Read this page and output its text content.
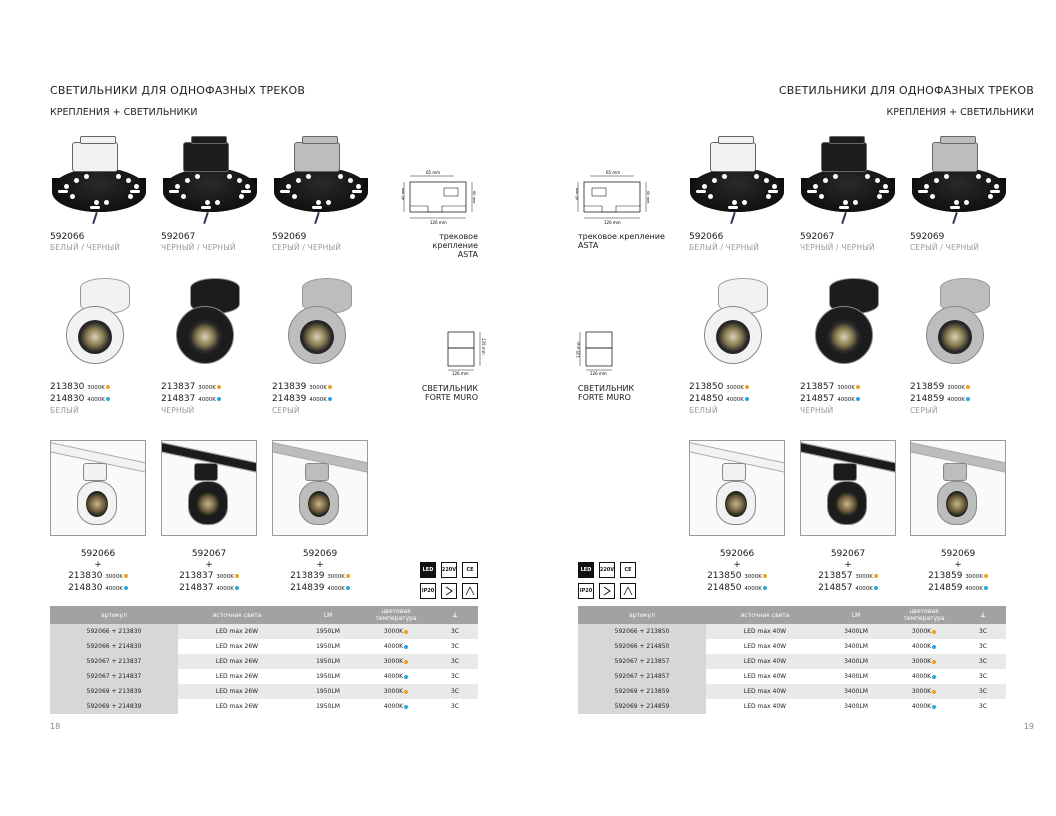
СВЕТИЛЬНИКИ ДЛЯ ОДНОФАЗНЫХ ТРЕКОВ
КРЕПЛЕНИЯ + СВЕТИЛЬНИКИ
592066
БЕЛЫЙ / ЧЕРНЫЙ
592067
ЧЕРНЫЙ / ЧЕРНЫЙ
592069
СЕРЫЙ / ЧЕРНЫЙ
65 mm
40 mm	60 mm
126 mm
трековое крепление
ASTA
213830 3000K
214830 4000K
БЕЛЫЙ
213837 3000K
214837 4000K
ЧЕРНЫЙ
213839 3000K
214839 4000K
СЕРЫЙ
135 mm
126 mm
СВЕТИЛЬНИК
FORTE MURO
592066
+
213830 3000K
214830 4000K
592067
+
213837 3000K
214837 4000K
592069
+
213839 3000K
214839 4000K
LED	220V	CE
IP20
артикул	источник света	LM	цветовая температура	∡
592066 + 213830	LED max 26W	1950LM	3000K	3C
592066 + 214830	LED max 26W	1950LM	4000K	3C
592067 + 213837	LED max 26W	1950LM	3000K	3C
592067 + 214837	LED max 26W	1950LM	4000K	3C
592069 + 213839	LED max 26W	1950LM	3000K	3C
592069 + 214839	LED max 26W	1950LM	4000K	3C
18
СВЕТИЛЬНИКИ ДЛЯ ОДНОФАЗНЫХ ТРЕКОВ
КРЕПЛЕНИЯ + СВЕТИЛЬНИКИ
65 mm
40 mm	60 mm
126 mm
трековое крепление
ASTA
592066
БЕЛЫЙ / ЧЕРНЫЙ
592067
ЧЕРНЫЙ / ЧЕРНЫЙ
592069
СЕРЫЙ / ЧЕРНЫЙ
135 mm
126 mm
СВЕТИЛЬНИК
FORTE MURO
213850 3000K
214850 4000K
БЕЛЫЙ
213857 3000K
214857 4000K
ЧЕРНЫЙ
213859 3000K
214859 4000K
СЕРЫЙ
LED	220V	CE
IP20
592066
+
213850 3000K
214850 4000K
592067
+
213857 3000K
214857 4000K
592069
+
213859 3000K
214859 4000K
артикул	источник света	LM	цветовая температура	∡
592066 + 213850	LED max 40W	3400LM	3000K	3C
592066 + 214850	LED max 40W	3400LM	4000K	3C
592067 + 213857	LED max 40W	3400LM	3000K	3C
592067 + 214857	LED max 40W	3400LM	4000K	3C
592069 + 213859	LED max 40W	3400LM	3000K	3C
592069 + 214859	LED max 40W	3400LM	4000K	3C
19
